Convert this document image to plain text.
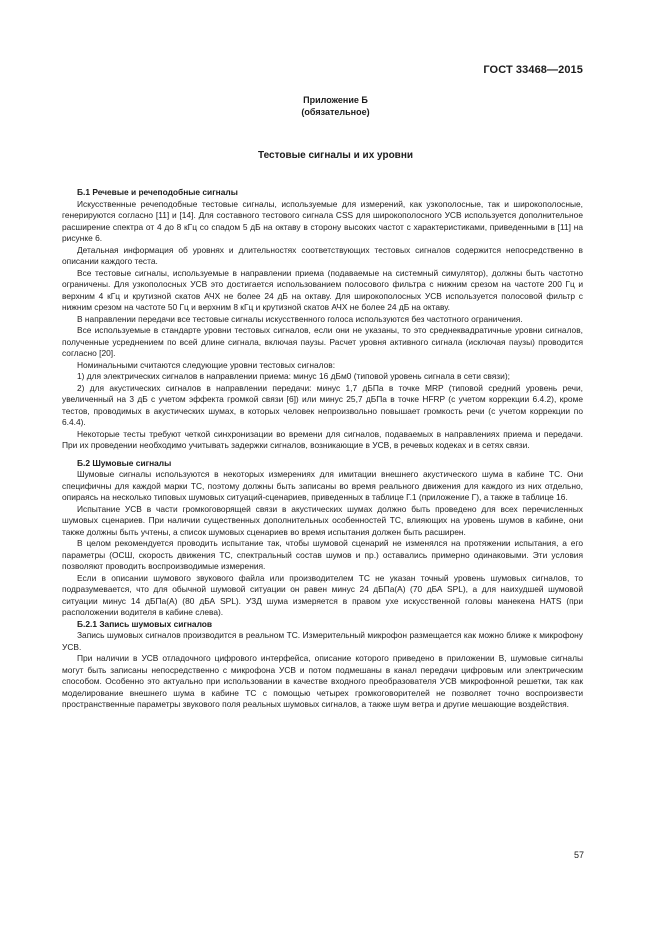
ГОСТ 33468—2015
Приложение Б
(обязательное)
Тестовые сигналы и их уровни
Б.1 Речевые и речеподобные сигналы

Искусственные речеподобные тестовые сигналы, используемые для измерений, как узкополосные, так и широкополосные, генерируются согласно [11] и [14]. Для составного тестового сигнала CSS для широкополосного УСВ используется дополнительное расширение спектра от 4 до 8 кГц со спадом 5 дБ на октаву в сторону высоких частот с характеристиками, приведенными в [11] на рисунке 6.

Детальная информация об уровнях и длительностях соответствующих тестовых сигналов содержится непосредственно в описании каждого теста.

Все тестовые сигналы, используемые в направлении приема (подаваемые на системный симулятор), должны быть частотно ограничены. Для узкополосных УСВ это достигается использованием полосового фильтра с нижним срезом на частоте 200 Гц и верхним 4 кГц и крутизной скатов АЧХ не более 24 дБ на октаву. Для широкополосных УСВ используется полосовой фильтр с нижним срезом на частоте 50 Гц и верхним 8 кГц и крутизной скатов АЧХ не более 24 дБ на октаву.

В направлении передачи все тестовые сигналы искусственного голоса используются без частотного ограничения.

Все используемые в стандарте уровни тестовых сигналов, если они не указаны, то это среднеквадратичные уровни сигналов, полученные усреднением по всей длине сигнала, включая паузы. Расчет уровня активного сигнала (исключая паузы) проводится согласно [20].

Номинальными считаются следующие уровни тестовых сигналов:

1) для электрических сигналов в направлении приема: минус 16 дБм0 (типовой уровень сигнала в сети связи);

2) для акустических сигналов в направлении передачи: минус 1,7 дБПа в точке MRP (типовой средний уровень речи, увеличенный на 3 дБ с учетом эффекта громкой связи [6]) или минус 25,7 дБПа в точке HFRP (с учетом коррекции 6.4.2), кроме тестов, проводимых в акустических шумах, в которых человек непроизвольно повышает громкость речи (с учетом коррекции по 6.4.4).

Некоторые тесты требуют четкой синхронизации во времени для сигналов, подаваемых в направлениях приема и передачи. При их проведении необходимо учитывать задержки сигналов, возникающие в УСВ, в речевых кодеках и в сетях связи.

Б.2 Шумовые сигналы

Шумовые сигналы используются в некоторых измерениях для имитации внешнего акустического шума в кабине ТС. Они специфичны для каждой марки ТС, поэтому должны быть записаны во время реального движения для каждого из них отдельно, опираясь на несколько типовых шумовых ситуаций-сценариев, приведенных в таблице Г.1 (приложение Г), а также в таблице 16.

Испытание УСВ в части громкоговорящей связи в акустических шумах должно быть проведено для всех перечисленных шумовых сценариев. При наличии существенных дополнительных особенностей ТС, влияющих на уровень шумов в кабине, они также должны быть учтены, а список шумовых сценариев во время испытания должен быть расширен.

В целом рекомендуется проводить испытание так, чтобы шумовой сценарий не изменялся на протяжении испытания, а его параметры (ОСШ, скорость движения ТС, спектральный состав шумов и пр.) оставались примерно одинаковыми. Эти условия позволяют проводить воспроизводимые измерения.

Если в описании шумового звукового файла или производителем ТС не указан точный уровень шумовых сигналов, то подразумевается, что для обычной шумовой ситуации он равен минус 24 дБПа(А) (70 дБА SPL), а для наихудшей шумовой ситуации минус 14 дБПа(А) (80 дБА SPL). УЗД шума измеряется в правом ухе искусственной головы манекена HATS (при расположении водителя в кабине слева).

Б.2.1 Запись шумовых сигналов

Запись шумовых сигналов производится в реальном ТС. Измерительный микрофон размещается как можно ближе к микрофону УСВ.

При наличии в УСВ отладочного цифрового интерфейса, описание которого приведено в приложении В, шумовые сигналы могут быть записаны непосредственно с микрофона УСВ и потом подмешаны в канал передачи цифровым или электрическим способом. Особенно это актуально при использовании в качестве входного преобразователя УСВ микрофонной решетки, так как моделирование внешнего шума в кабине ТС с помощью четырех громкоговорителей не позволяет точно воспроизвести пространственные параметры звукового поля реальных шумовых сигналов, а также шум ветра и другие мешающие воздействия.

57
